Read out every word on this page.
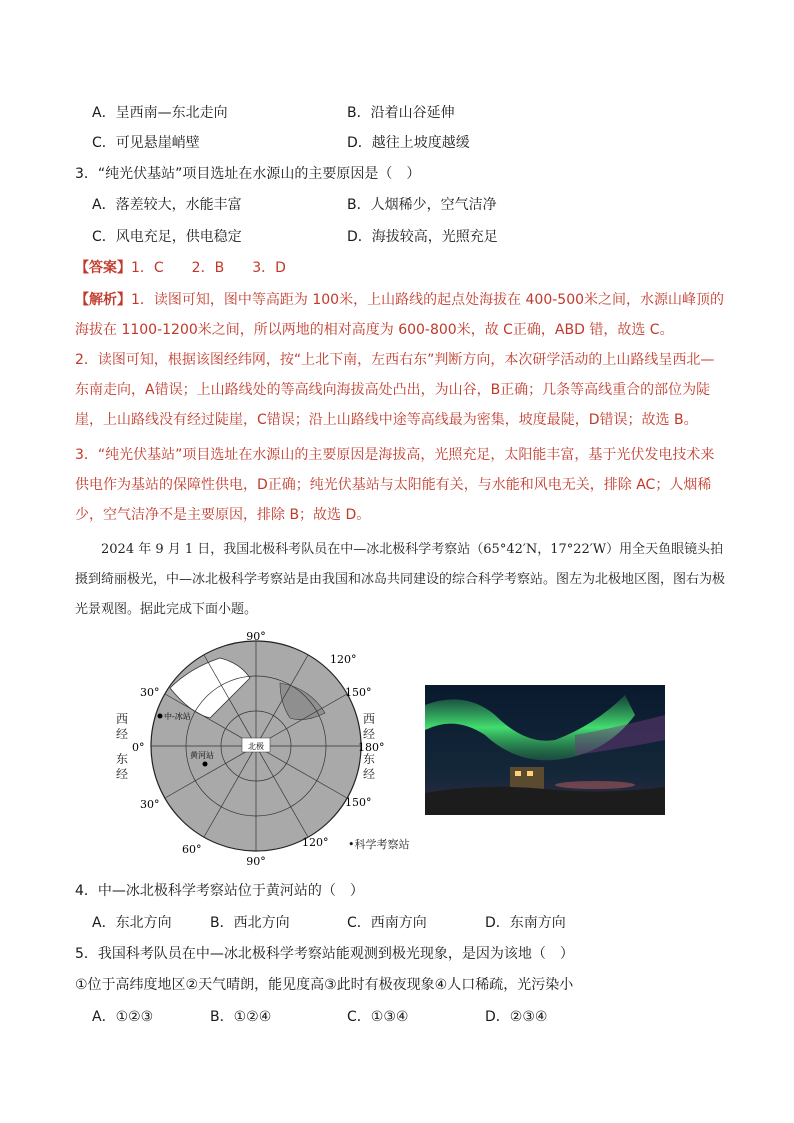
A．呈西南—东北走向	B．沿着山谷延伸
C．可见悬崖峭壁	D．越往上坡度越缓
3．“纯光伏基站”项目选址在水源山的主要原因是（　）
A．落差较大，水能丰富	B．人烟稀少，空气洁净
C．风电充足，供电稳定	D．海拔较高，光照充足
【答案】1．C　　2．B　　3．D
【解析】1．读图可知，图中等高距为 100米，上山路线的起点处海拔在 400-500米之间，水源山峰顶的海拔在 1100-1200米之间，所以两地的相对高度为 600-800米，故 C正确，ABD 错，故选 C。
2．读图可知，根据该图经纬网，按“上北下南，左西右东”判断方向，本次研学活动的上山路线呈西北—东南走向，A错误；上山路线处的等高线向海拔高处凸出，为山谷，B正确；几条等高线重合的部位为陡崖，上山路线没有经过陡崖，C错误；沿上山路线中途等高线最为密集，坡度最陡，D错误；故选 B。
3．“纯光伏基站”项目选址在水源山的主要原因是海拔高，光照充足，太阳能丰富，基于光伏发电技术来供电作为基站的保障性供电，D正确；纯光伏基站与太阳能有关，与水能和风电无关，排除 AC；人烟稀少，空气洁净不是主要原因，排除 B；故选 D。
2024 年 9 月 1 日，我国北极科考队员在中—冰北极科学考察站（65°42′N，17°22′W）用全天鱼眼镜头拍摄到绮丽极光，中—冰北极科学考察站是由我国和冰岛共同建设的综合科学考察站。图左为北极地区图，图右为极光景观图。据此完成下面小题。
北极
中-冰站
黄河站
90°
120°
150°
180°
150°
120°
90°
60°
30°
0°
30°
西
经
东
经
西
经
东
经
•科学考察站
4．中—冰北极科学考察站位于黄河站的（　）
A．东北方向	B．西北方向	C．西南方向	D．东南方向
5．我国科考队员在中—冰北极科学考察站能观测到极光现象，是因为该地（　）
①位于高纬度地区②天气晴朗，能见度高③此时有极夜现象④人口稀疏，光污染小
A．①②③	B．①②④	C．①③④	D．②③④
